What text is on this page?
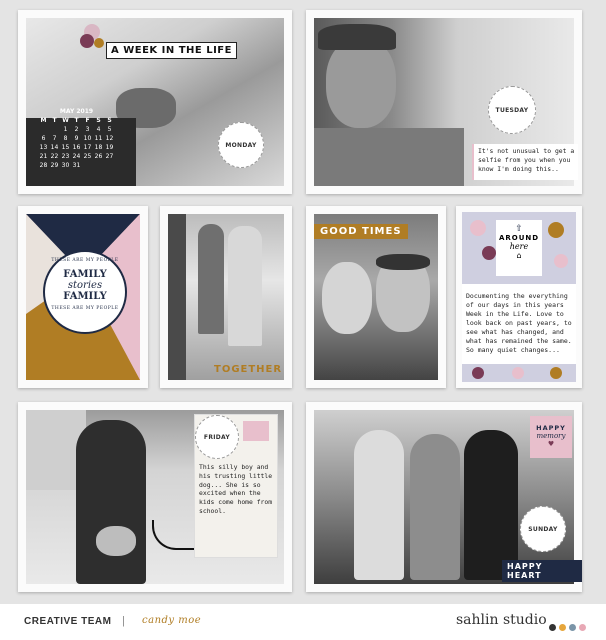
A WEEK IN THE LIFE
MAY 2019
M	T	W	T	F	S	S
		1	2	3	4	5
6	7	8	9	10	11	12
13	14	15	16	17	18	19
21	22	23	24	25	26	27
28	29	30	31			
MONDAY
TUESDAY
It's not unusual to get a selfie from you when you know I'm doing this..
THESE ARE MY PEOPLE
FAMILY
stories
FAMILY
THESE ARE MY PEOPLE
TOGETHER
GOOD TIMES	⇧
AROUND
here
⌂
Documenting the everything of our days in this years Week in the Life. Love to look back on past years, to see what has changed, and what has remained the same. So many quiet changes...
FRIDAY
This silly boy and his trusting little dog... She is so excited when the kids come home from school.
HAPPY
memory
♥
SUNDAY
HAPPY HEART
CREATIVE TEAM | candy moe	sahlin studio
